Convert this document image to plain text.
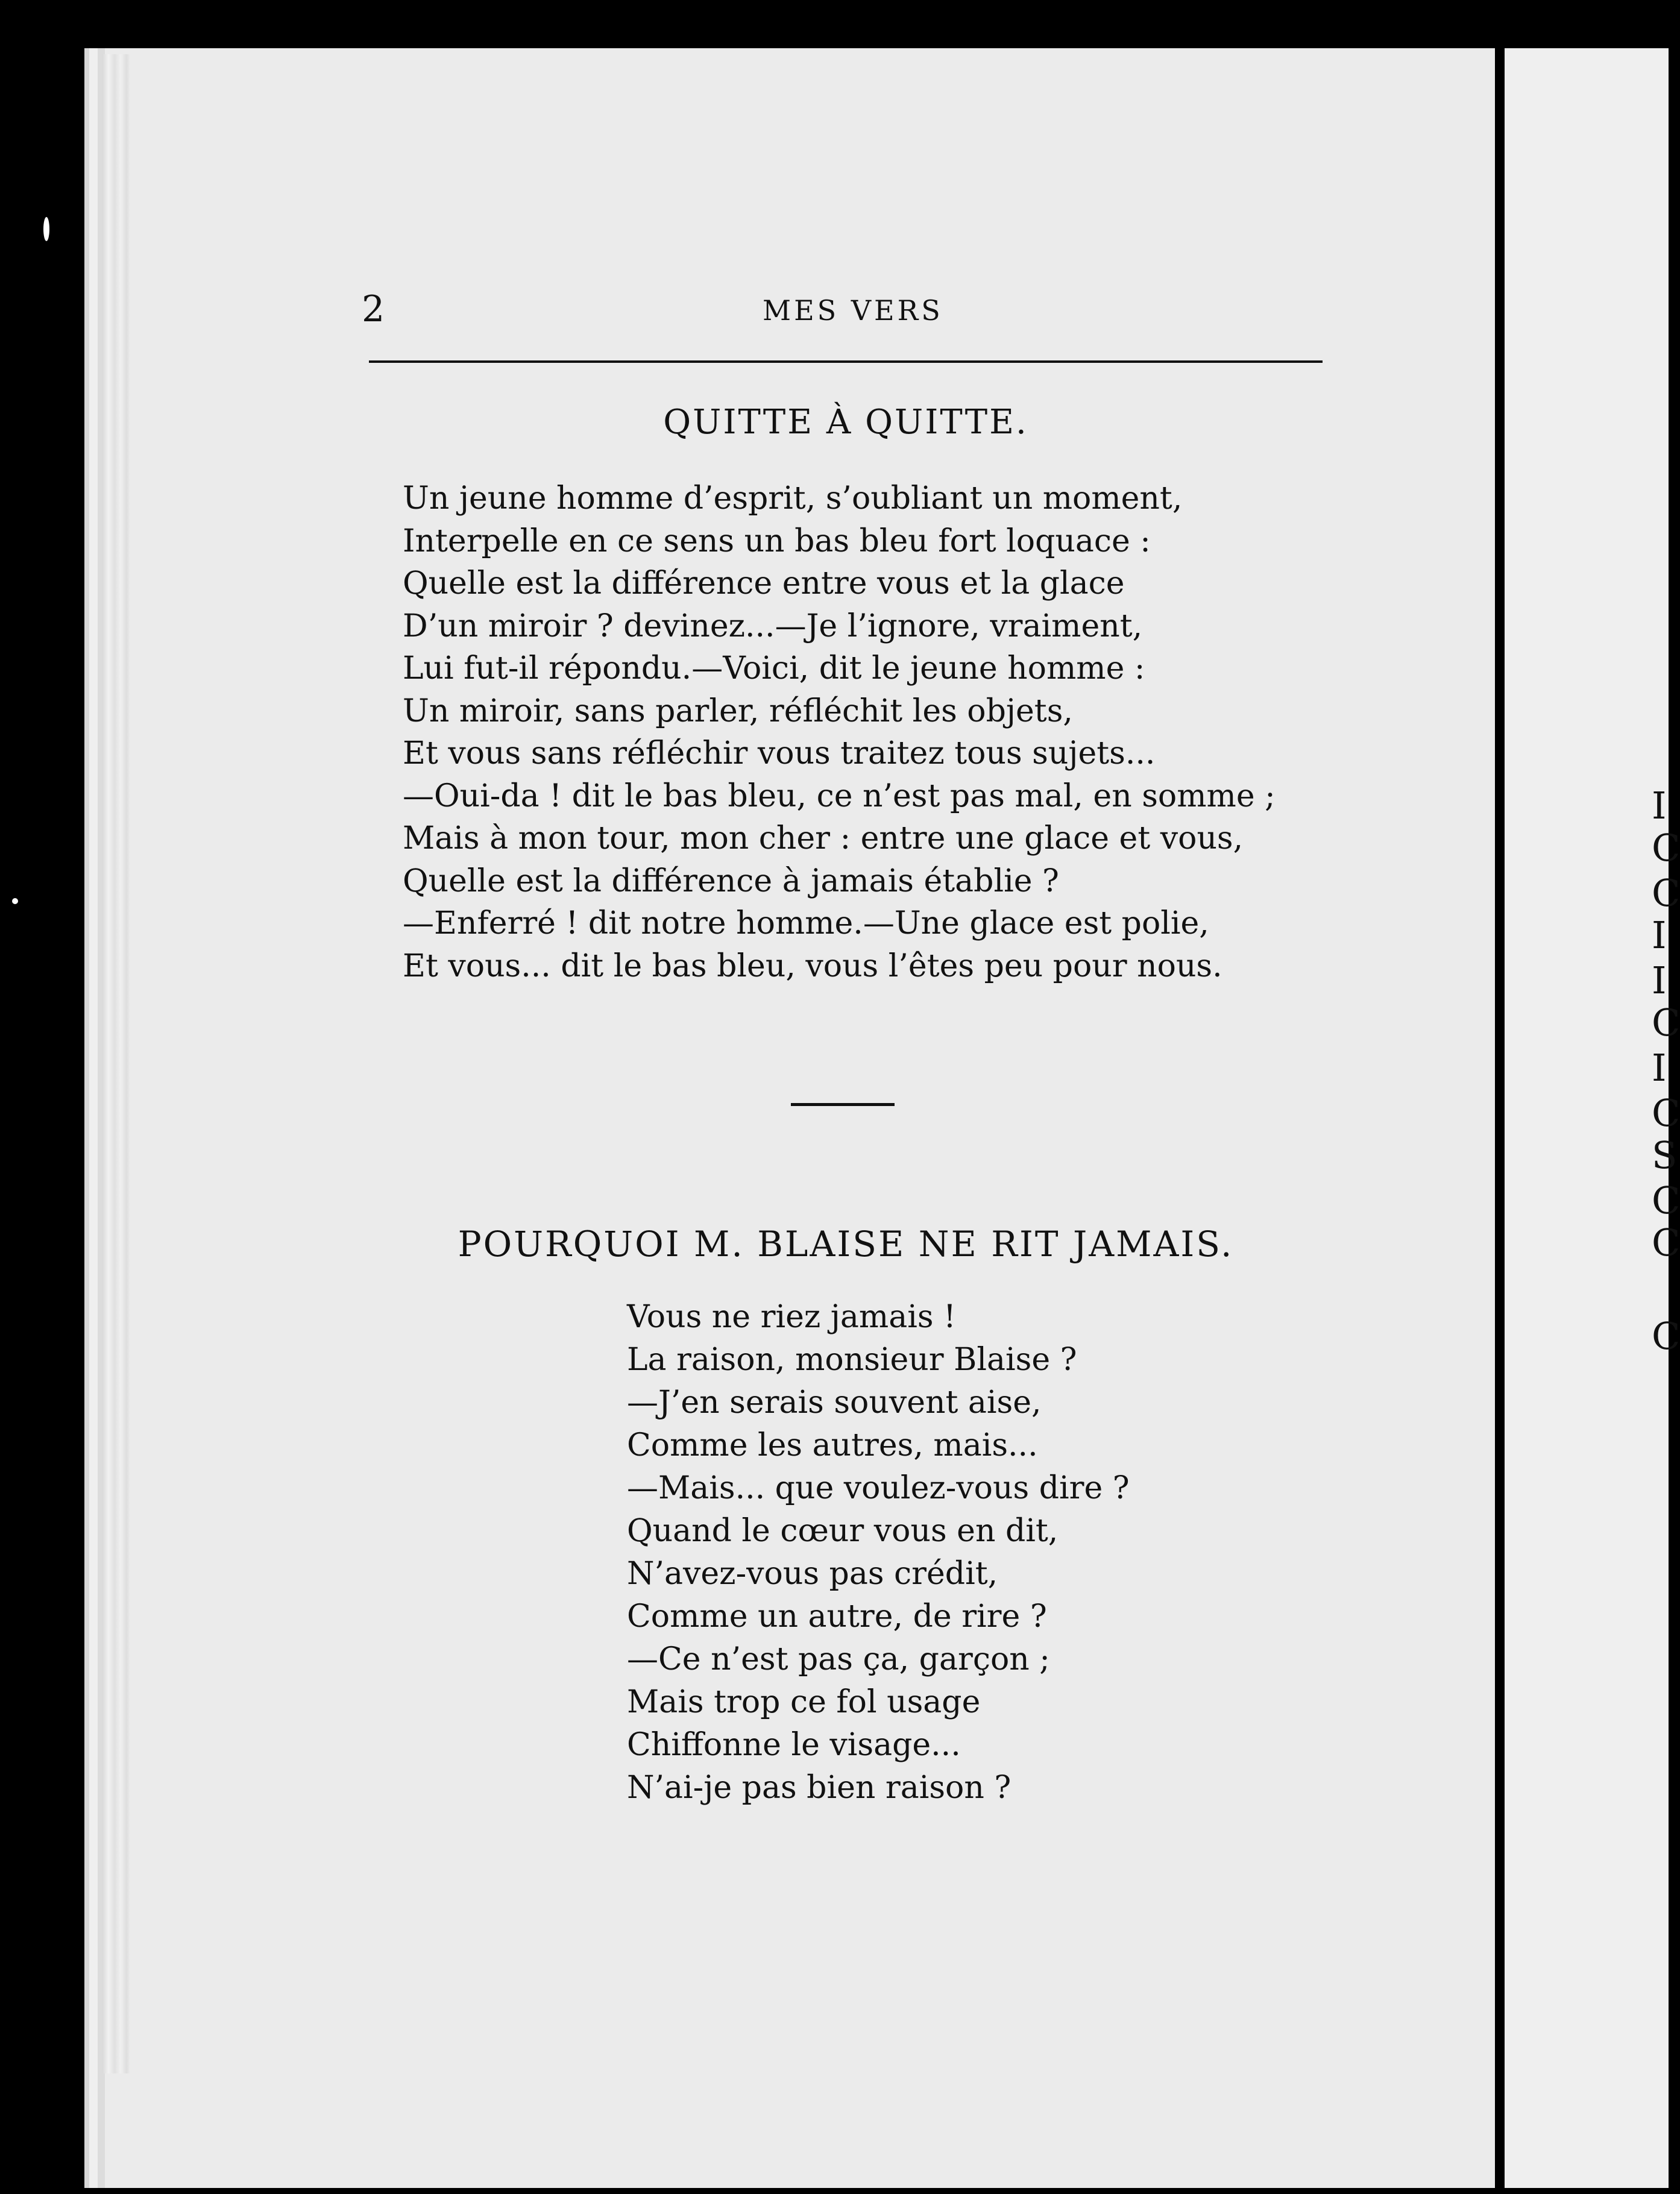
I
C
C
I
I
C
I
C
S
C
C
C
2	MES VERS
QUITTE À QUITTE.
Un jeune homme d’esprit, s’oubliant un moment,
Interpelle en ce sens un bas bleu fort loquace :
Quelle est la différence entre vous et la glace
D’un miroir ? devinez...—Je l’ignore, vraiment,
Lui fut-il répondu.—Voici, dit le jeune homme :
Un miroir, sans parler, réfléchit les objets,
Et vous sans réfléchir vous traitez tous sujets...
—Oui-da ! dit le bas bleu, ce n’est pas mal, en somme ;
Mais à mon tour, mon cher : entre une glace et vous,
Quelle est la différence à jamais établie ?
—Enferré ! dit notre homme.—Une glace est polie,
Et vous... dit le bas bleu, vous l’êtes peu pour nous.
POURQUOI M. BLAISE NE RIT JAMAIS.
Vous ne riez jamais !
La raison, monsieur Blaise ?
—J’en serais souvent aise,
Comme les autres, mais...
—Mais... que voulez-vous dire ?
Quand le cœur vous en dit,
N’avez-vous pas crédit,
Comme un autre, de rire ?
—Ce n’est pas ça, garçon ;
Mais trop ce fol usage
Chiffonne le visage...
N’ai-je pas bien raison ?
